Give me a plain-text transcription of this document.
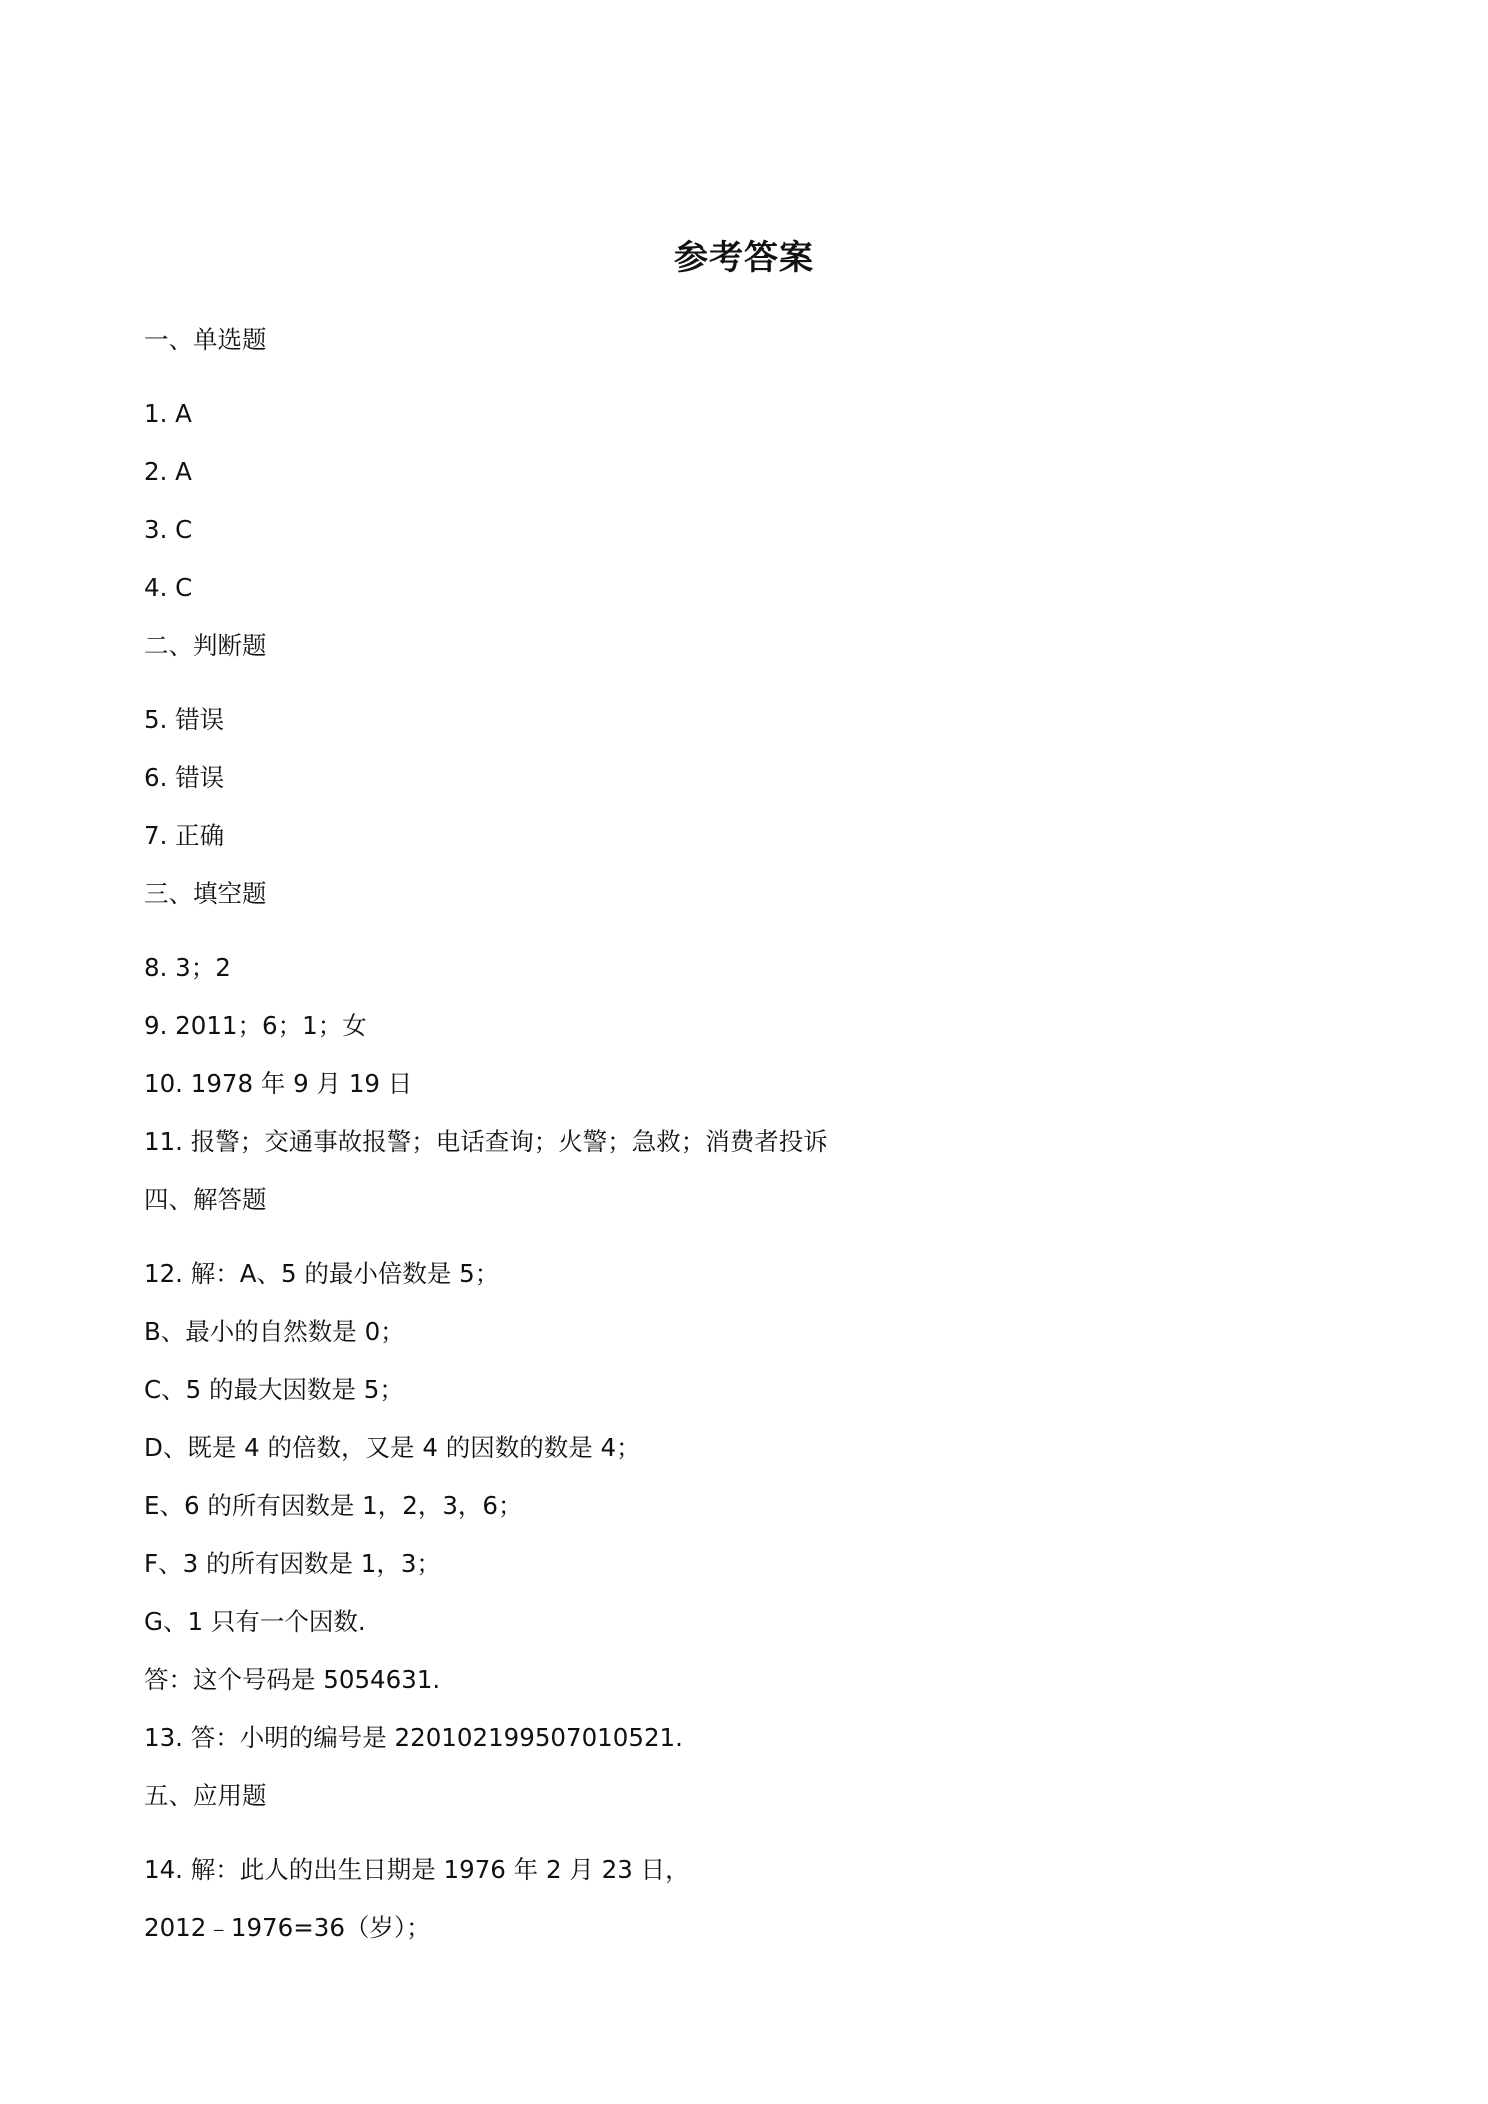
参考答案
一、单选题
1. A
2. A
3. C
4. C
二、判断题
5. 错误
6. 错误
7. 正确
三、填空题
8. 3；2
9. 2011；6；1；女
10. 1978 年 9 月 19 日
11. 报警；交通事故报警；电话查询；火警；急救；消费者投诉
四、解答题
12. 解：A、5 的最小倍数是 5；
B、最小的自然数是 0；
C、5 的最大因数是 5；
D、既是 4 的倍数，又是 4 的因数的数是 4；
E、6 的所有因数是 1，2，3，6；
F、3 的所有因数是 1，3；
G、1 只有一个因数.
答：这个号码是 5054631.
13. 答：小明的编号是 220102199507010521.
五、应用题
14. 解：此人的出生日期是 1976 年 2 月 23 日，
2012﹣1976=36（岁）；
